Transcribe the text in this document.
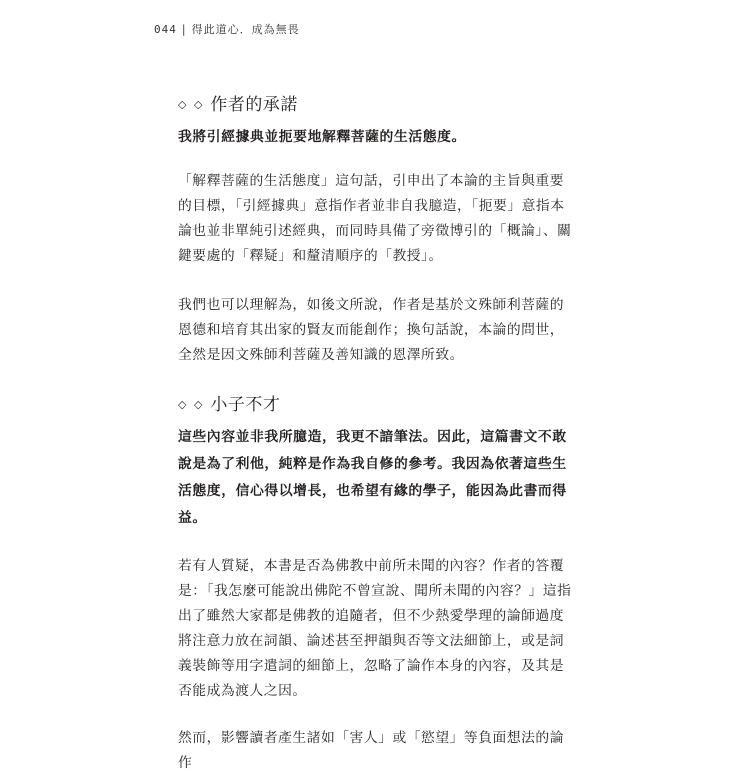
044 | 得此道心．成為無畏
◇ ◇ 作者的承諾

我將引經據典並扼要地解釋菩薩的生活態度。

「解釋菩薩的生活態度」這句話，引申出了本論的主旨與重要的目標，「引經據典」意指作者並非自我臆造，「扼要」意指本論也並非單純引述經典，而同時具備了旁徵博引的「概論」、關鍵要處的「釋疑」和釐清順序的「教授」。

我們也可以理解為，如後文所說，作者是基於文殊師利菩薩的恩德和培育其出家的賢友而能創作；換句話說，本論的問世，全然是因文殊師利菩薩及善知識的恩澤所致。

◇ ◇ 小子不才

這些內容並非我所臆造，我更不諳筆法。因此，這篇書文不敢說是為了利他，純粹是作為我自修的參考。我因為依著這些生活態度，信心得以增長，也希望有緣的學子，能因為此書而得益。

若有人質疑，本書是否為佛教中前所未聞的內容？作者的答覆是：「我怎麼可能說出佛陀不曾宣說、聞所未聞的內容？」這指出了雖然大家都是佛教的追隨者，但不少熱愛學理的論師過度將注意力放在詞韻、論述甚至押韻與否等文法細節上，或是詞義裝飾等用字遣詞的細節上，忽略了論作本身的內容，及其是否能成為渡人之因。

然而，影響讀者產生諸如「害人」或「慾望」等負面想法的論作
